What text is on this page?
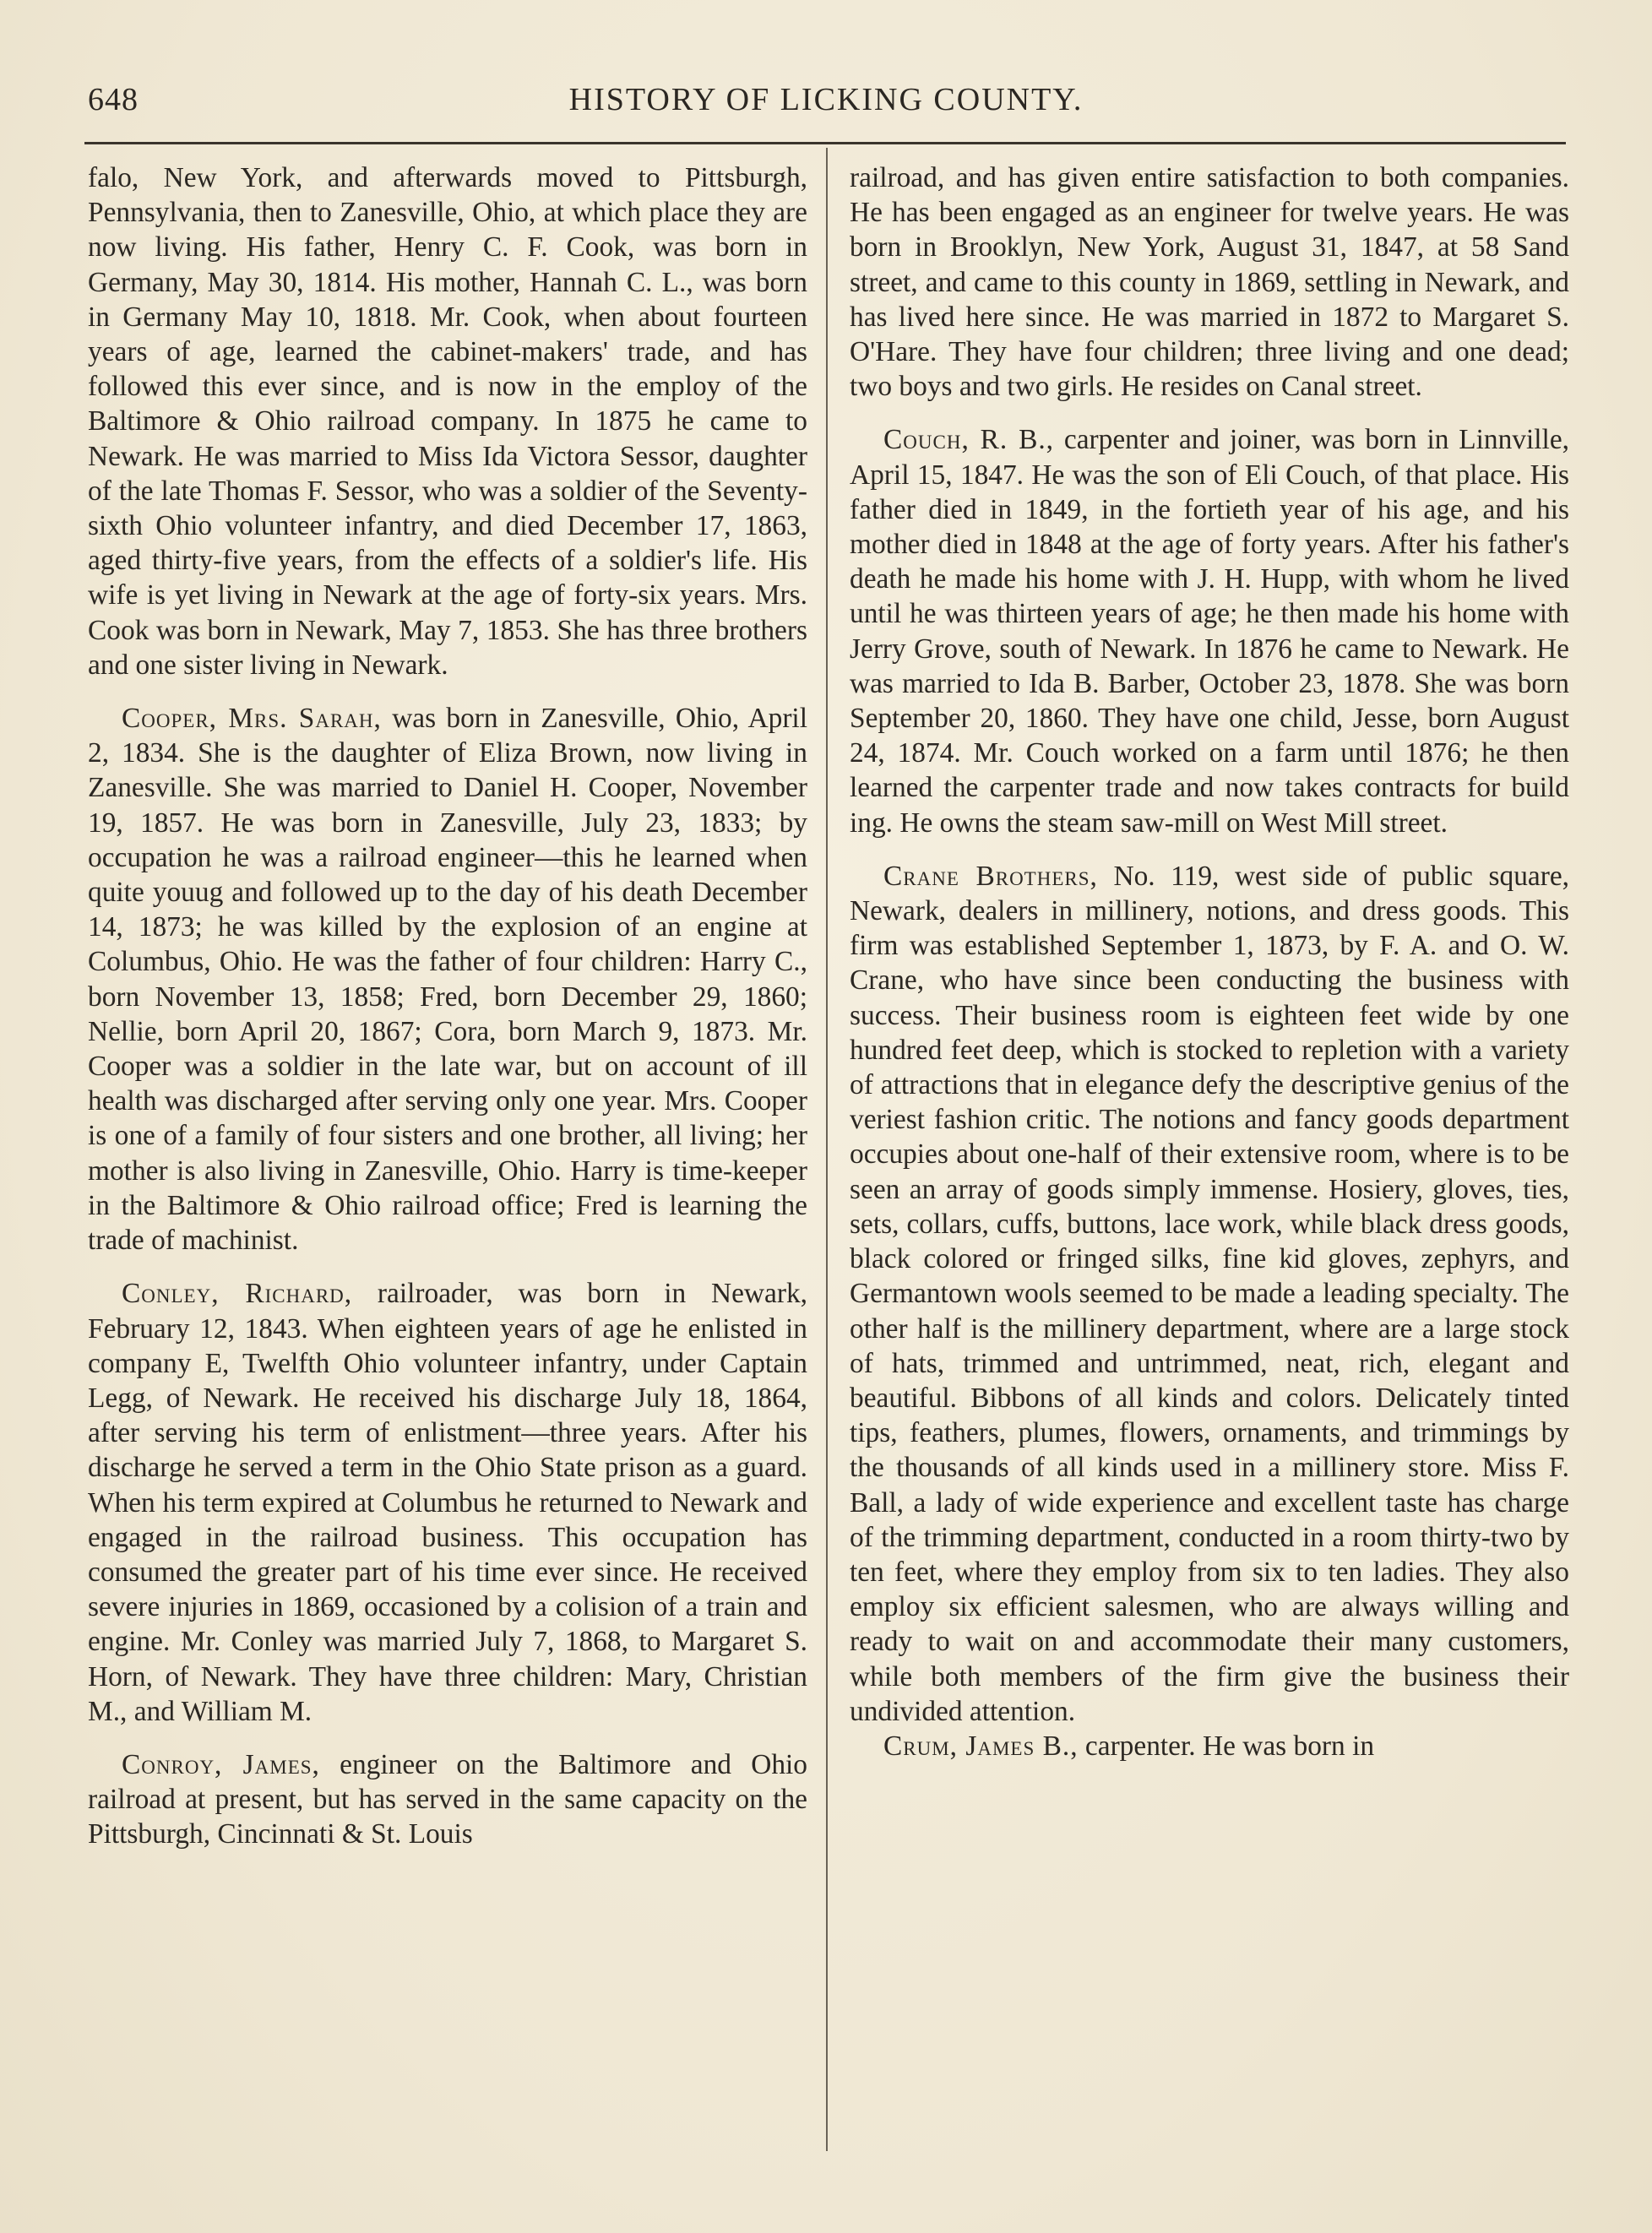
648	HISTORY OF LICKING COUNTY.

falo, New York, and afterwards moved to Pittsburgh, Pennsylvania, then to Zanesville, Ohio, at which place they are now living. His father, Henry C. F. Cook, was born in Germany, May 30, 1814. His mother, Hannah C. L., was born in Germany May 10, 1818. Mr. Cook, when about fourteen years of age, learned the cabinet-makers' trade, and has followed this ever since, and is now in the employ of the Baltimore & Ohio railroad company. In 1875 he came to Newark. He was married to Miss Ida Victora Sessor, daughter of the late Thomas F. Sessor, who was a soldier of the Seventy-sixth Ohio volunteer infantry, and died December 17, 1863, aged thirty-five years, from the effects of a soldier's life. His wife is yet living in Newark at the age of forty-six years. Mrs. Cook was born in Newark, May 7, 1853. She has three brothers and one sister living in Newark.

Cooper, Mrs. Sarah, was born in Zanesville, Ohio, April 2, 1834. She is the daughter of Eliza Brown, now living in Zanesville. She was married to Daniel H. Cooper, November 19, 1857. He was born in Zanesville, July 23, 1833; by occupation he was a railroad engineer—this he learned when quite youug and followed up to the day of his death December 14, 1873; he was killed by the explosion of an engine at Columbus, Ohio. He was the father of four children: Harry C., born November 13, 1858; Fred, born December 29, 1860; Nellie, born April 20, 1867; Cora, born March 9, 1873. Mr. Cooper was a soldier in the late war, but on account of ill health was discharged after serving only one year. Mrs. Cooper is one of a family of four sisters and one brother, all living; her mother is also living in Zanesville, Ohio. Harry is time-keeper in the Baltimore & Ohio railroad office; Fred is learning the trade of machinist.

Conley, Richard, railroader, was born in Newark, February 12, 1843. When eighteen years of age he enlisted in company E, Twelfth Ohio volunteer infantry, under Captain Legg, of Newark. He received his discharge July 18, 1864, after serving his term of enlistment—three years. After his discharge he served a term in the Ohio State prison as a guard. When his term expired at Columbus he returned to Newark and engaged in the railroad business. This occupation has consumed the greater part of his time ever since. He received severe injuries in 1869, occasioned by a colision of a train and engine. Mr. Conley was married July 7, 1868, to Margaret S. Horn, of Newark. They have three children: Mary, Christian M., and William M.

Conroy, James, engineer on the Baltimore and Ohio railroad at present, but has served in the same capacity on the Pittsburgh, Cincinnati & St. Louis

railroad, and has given entire satisfaction to both companies. He has been engaged as an engineer for twelve years. He was born in Brooklyn, New York, August 31, 1847, at 58 Sand street, and came to this county in 1869, settling in Newark, and has lived here since. He was married in 1872 to Margaret S. O'Hare. They have four children; three living and one dead; two boys and two girls. He resides on Canal street.

Couch, R. B., carpenter and joiner, was born in Linnville, April 15, 1847. He was the son of Eli Couch, of that place. His father died in 1849, in the fortieth year of his age, and his mother died in 1848 at the age of forty years. After his father's death he made his home with J. H. Hupp, with whom he lived until he was thirteen years of age; he then made his home with Jerry Grove, south of Newark. In 1876 he came to Newark. He was married to Ida B. Barber, October 23, 1878. She was born September 20, 1860. They have one child, Jesse, born August 24, 1874. Mr. Couch worked on a farm until 1876; he then learned the carpenter trade and now takes contracts for build ing. He owns the steam saw-mill on West Mill street.

Crane Brothers, No. 119, west side of public square, Newark, dealers in millinery, notions, and dress goods. This firm was established September 1, 1873, by F. A. and O. W. Crane, who have since been conducting the business with success. Their business room is eighteen feet wide by one hundred feet deep, which is stocked to repletion with a variety of attractions that in elegance defy the descriptive genius of the veriest fashion critic. The notions and fancy goods department occupies about one-half of their extensive room, where is to be seen an array of goods simply immense. Hosiery, gloves, ties, sets, collars, cuffs, buttons, lace work, while black dress goods, black colored or fringed silks, fine kid gloves, zephyrs, and Germantown wools seemed to be made a leading specialty. The other half is the millinery department, where are a large stock of hats, trimmed and untrimmed, neat, rich, elegant and beautiful. Bibbons of all kinds and colors. Delicately tinted tips, feathers, plumes, flowers, ornaments, and trimmings by the thousands of all kinds used in a millinery store. Miss F. Ball, a lady of wide experience and excellent taste has charge of the trimming department, conducted in a room thirty-two by ten feet, where they employ from six to ten ladies. They also employ six efficient salesmen, who are always willing and ready to wait on and accommodate their many customers, while both members of the firm give the business their undivided attention.

Crum, James B., carpenter. He was born in
